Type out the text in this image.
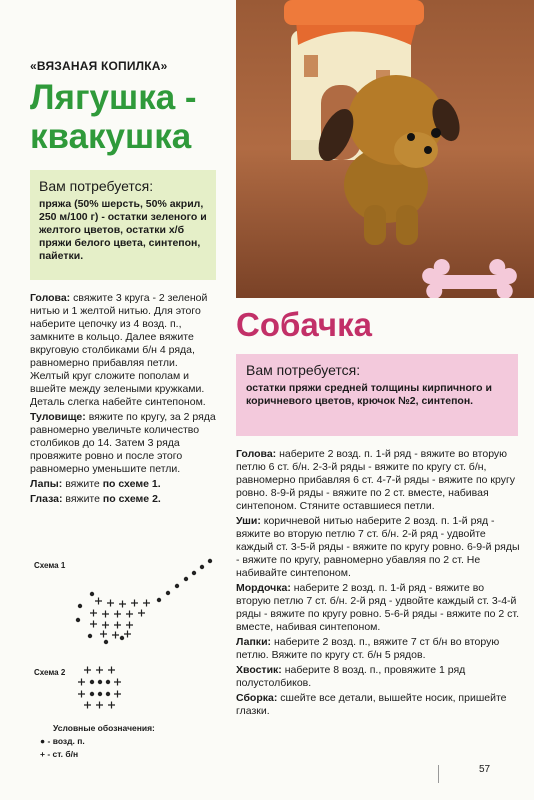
«ВЯЗАНАЯ КОПИЛКА»
Лягушка -
квакушка
Вам потребуется:
пряжа (50% шерсть, 50% акрил, 250 м/100 г) - остатки зеленого и желтого цветов, остатки х/б пряжи белого цвета, синтепон, пайетки.
Собачка
Вам потребуется:
остатки пряжи средней толщины кирпичного и коричневого цветов, крючок №2, синтепон.

Голова: свяжите 3 круга - 2 зеленой нитью и 1 желтой нитью. Для этого наберите цепочку из 4 возд. п., замкните в кольцо. Далее вяжите вкруговую столбиками б/н 4 ряда, равномерно прибавляя петли. Желтый круг сложите пополам и вшейте между зелеными кружками. Деталь слегка набейте синтепоном.

Туловище: вяжите по кругу, за 2 ряда равномерно увеличьте количество столбиков до 14. Затем 3 ряда провяжите ровно и после этого равномерно уменьшите петли.

Лапы: вяжите по схеме 1.

Глаза: вяжите по схеме 2.

Схема 1
Схема 2
Условные обозначения:
● - возд. п.
+ - ст. б/н

Голова: наберите 2 возд. п. 1-й ряд - вяжите во вторую петлю 6 ст. б/н. 2-3-й ряды - вяжите по кругу ст. б/н, равномерно прибавляя 6 ст. 4-7-й ряды - вяжите по кругу ровно. 8-9-й ряды - вяжите по 2 ст. вместе, набивая синтепоном. Стяните оставшиеся петли.

Уши: коричневой нитью наберите 2 возд. п. 1-й ряд - вяжите во вторую петлю 7 ст. б/н. 2-й ряд - удвойте каждый ст. 3-5-й ряды - вяжите по кругу ровно. 6-9-й ряды - вяжите по кругу, равномерно убавляя по 2 ст. Не набивайте синтепоном.

Мордочка: наберите 2 возд. п. 1-й ряд - вяжите во вторую петлю 7 ст. б/н. 2-й ряд - удвойте каждый ст. 3-4-й ряды - вяжите по кругу ровно. 5-6-й ряды - вяжите по 2 ст. вместе, набивая синтепоном.

Лапки: наберите 2 возд. п., вяжите 7 ст б/н во вторую петлю. Вяжите по кругу ст. б/н 5 рядов.

Хвостик: наберите 8 возд. п., провяжите 1 ряд полустолбиков.

Сборка: сшейте все детали, вышейте носик, пришейте глазки.

57
